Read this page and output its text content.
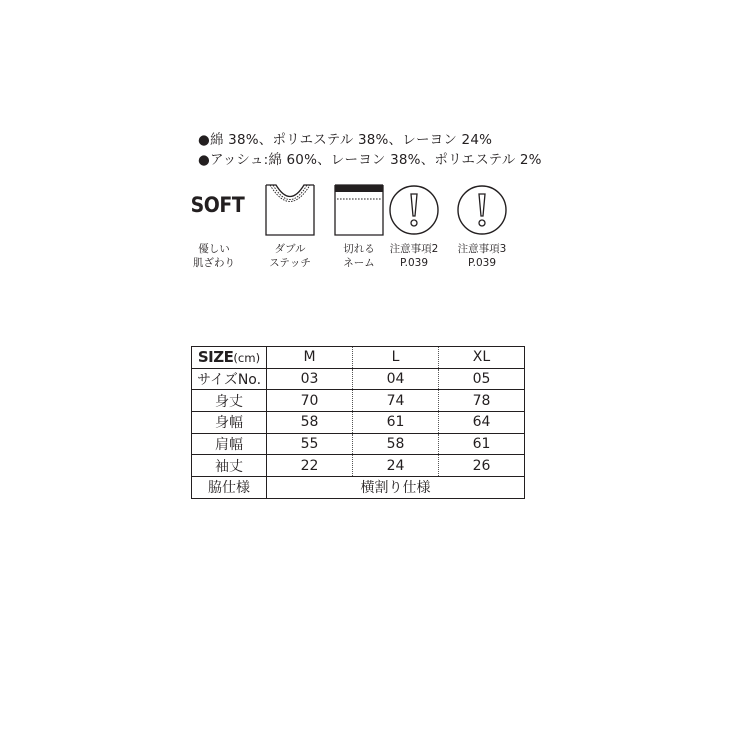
●綿 38%、ポリエステル 38%、レーヨン 24%
●アッシュ:綿 60%、レーヨン 38%、ポリエステル 2%
SOFT
優しい
肌ざわり
ダブル
ステッチ
切れる
ネーム
注意事項2
P.039
注意事項3
P.039
SIZE(cm)	M	L	XL
サイズNo.	03	04	05
身丈	70	74	78
身幅	58	61	64
肩幅	55	58	61
袖丈	22	24	26
脇仕様	横割り仕様		
